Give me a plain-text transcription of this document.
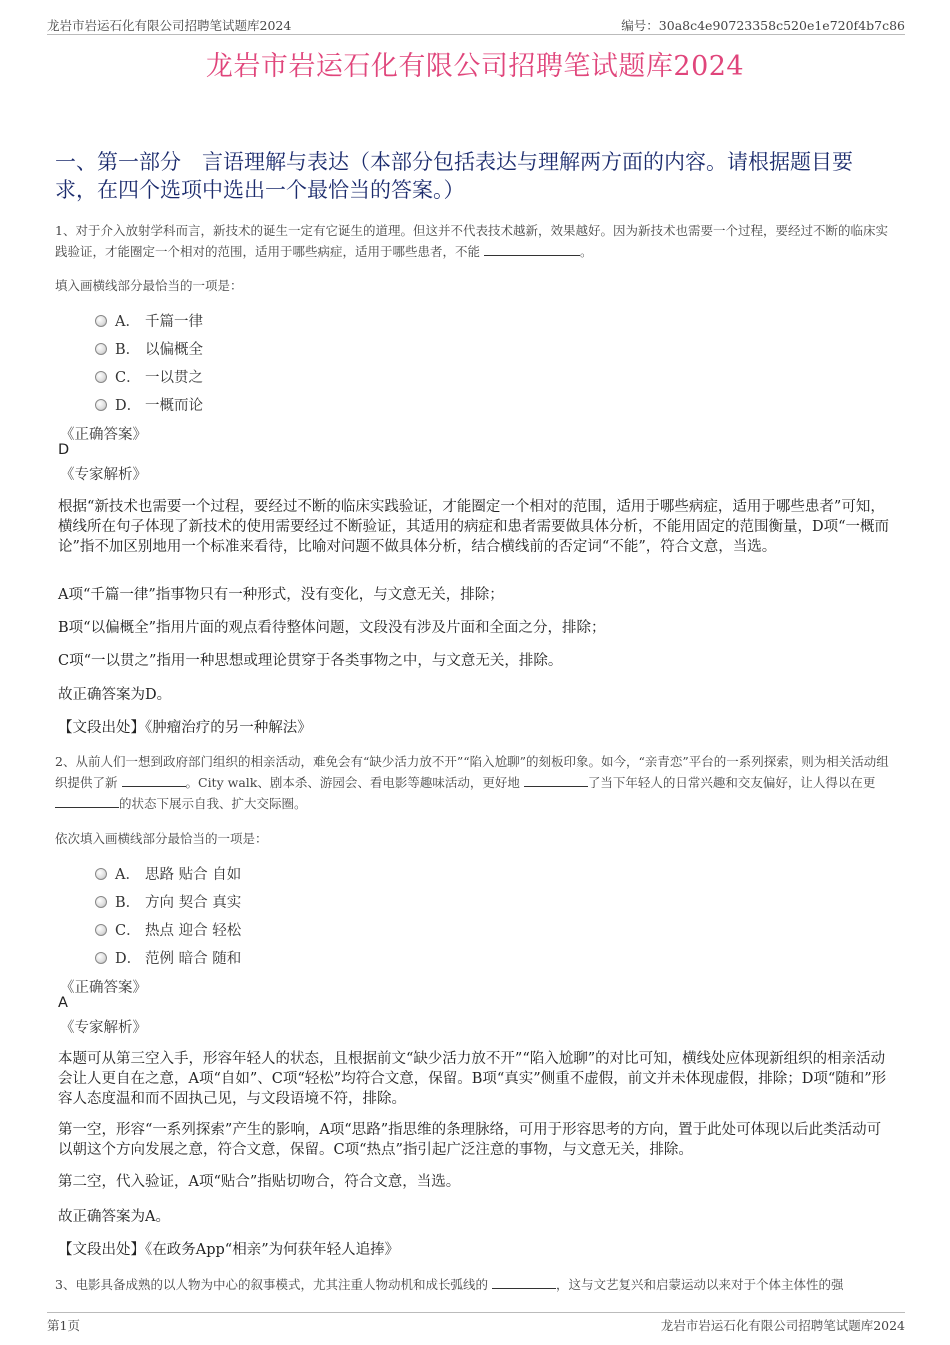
龙岩市岩运石化有限公司招聘笔试题库2024	编号：30a8c4e90723358c520e1e720f4b7c86
龙岩市岩运石化有限公司招聘笔试题库2024
一、第一部分　言语理解与表达（本部分包括表达与理解两方面的内容。请根据题目要求，在四个选项中选出一个最恰当的答案。）
1、对于介入放射学科而言，新技术的诞生一定有它诞生的道理。但这并不代表技术越新，效果越好。因为新技术也需要一个过程，要经过不断的临床实践验证，才能圈定一个相对的范围，适用于哪些病症，适用于哪些患者，不能	。
填入画横线部分最恰当的一项是：
A． 千篇一律
B． 以偏概全
C． 一以贯之
D． 一概而论
《正确答案》
D
《专家解析》
根据“新技术也需要一个过程，要经过不断的临床实践验证，才能圈定一个相对的范围，适用于哪些病症，适用于哪些患者”可知，横线所在句子体现了新技术的使用需要经过不断验证，其适用的病症和患者需要做具体分析，不能用固定的范围衡量，D项“一概而论”指不加区别地用一个标准来看待，比喻对问题不做具体分析，结合横线前的否定词“不能”，符合文意，当选。
A项“千篇一律”指事物只有一种形式，没有变化，与文意无关，排除；
B项“以偏概全”指用片面的观点看待整体问题，文段没有涉及片面和全面之分，排除；
C项“一以贯之”指用一种思想或理论贯穿于各类事物之中，与文意无关，排除。
故正确答案为D。
【文段出处】《肿瘤治疗的另一种解法》
2、从前人们一想到政府部门组织的相亲活动，难免会有“缺少活力放不开”“陷入尬聊”的刻板印象。如今，“亲青恋”平台的一系列探索，则为相关活动组织提供了新	。City walk、剧本杀、游园会、看电影等趣味活动，更好地	了当下年轻人的日常兴趣和交友偏好，让人得以在更 的状态下展示自我、扩大交际圈。
依次填入画横线部分最恰当的一项是：
A． 思路 贴合 自如
B． 方向 契合 真实
C． 热点 迎合 轻松
D． 范例 暗合 随和
《正确答案》
A
《专家解析》
本题可从第三空入手，形容年轻人的状态，且根据前文“缺少活力放不开”“陷入尬聊”的对比可知，横线处应体现新组织的相亲活动会让人更自在之意，A项“自如”、C项“轻松”均符合文意，保留。B项“真实”侧重不虚假，前文并未体现虚假，排除；D项“随和”形容人态度温和而不固执己见，与文段语境不符，排除。
第一空，形容“一系列探索”产生的影响，A项“思路”指思维的条理脉络，可用于形容思考的方向，置于此处可体现以后此类活动可以朝这个方向发展之意，符合文意，保留。C项“热点”指引起广泛注意的事物，与文意无关，排除。
第二空，代入验证，A项“贴合”指贴切吻合，符合文意，当选。
故正确答案为A。
【文段出处】《在政务App“相亲”为何获年轻人追捧》
3、电影具备成熟的以人物为中心的叙事模式，尤其注重人物动机和成长弧线的	，这与文艺复兴和启蒙运动以来对于个体主体性的强
第1页	龙岩市岩运石化有限公司招聘笔试题库2024
